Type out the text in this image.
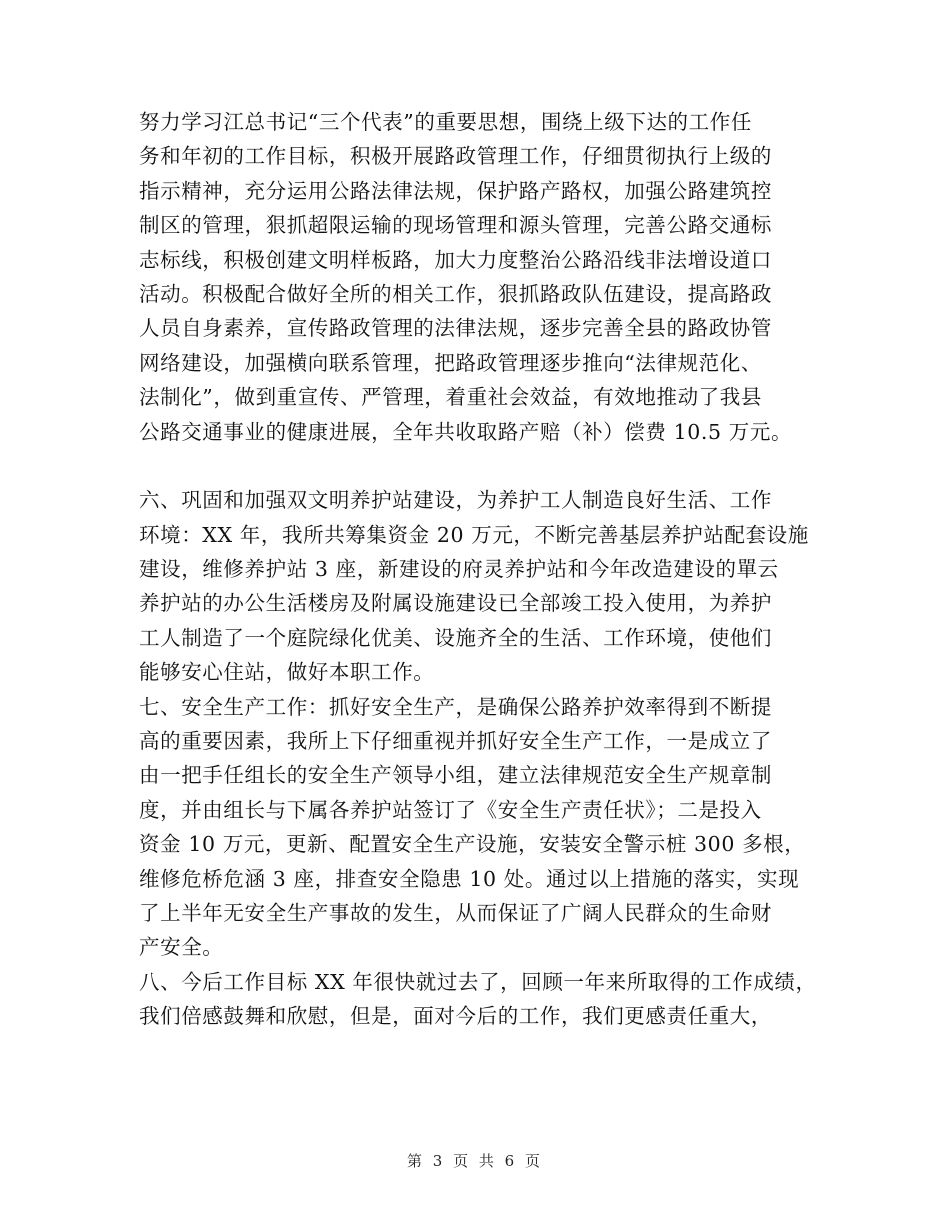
努力学习江总书记“三个代表”的重要思想，围绕上级下达的工作任
务和年初的工作目标，积极开展路政管理工作，仔细贯彻执行上级的
指示精神，充分运用公路法律法规，保护路产路权，加强公路建筑控
制区的管理，狠抓超限运输的现场管理和源头管理，完善公路交通标
志标线，积极创建文明样板路，加大力度整治公路沿线非法增设道口
活动。积极配合做好全所的相关工作，狠抓路政队伍建设，提高路政
人员自身素养，宣传路政管理的法律法规，逐步完善全县的路政协管
网络建设，加强横向联系管理，把路政管理逐步推向“法律规范化、
法制化”，做到重宣传、严管理，着重社会效益，有效地推动了我县
公路交通事业的健康进展，全年共收取路产赔（补）偿费 10.5 万元。
六、巩固和加强双文明养护站建设，为养护工人制造良好生活、工作
环境：XX 年，我所共筹集资金 20 万元，不断完善基层养护站配套设施
建设，维修养护站 3 座，新建设的府灵养护站和今年改造建设的單云
养护站的办公生活楼房及附属设施建设已全部竣工投入使用，为养护
工人制造了一个庭院绿化优美、设施齐全的生活、工作环境，使他们
能够安心住站，做好本职工作。
七、安全生产工作：抓好安全生产，是确保公路养护效率得到不断提
高的重要因素，我所上下仔细重视并抓好安全生产工作，一是成立了
由一把手任组长的安全生产领导小组，建立法律规范安全生产规章制
度，并由组长与下属各养护站签订了《安全生产责任状》；二是投入
资金 10 万元，更新、配置安全生产设施，安装安全警示桩 300 多根，
维修危桥危涵 3 座，排查安全隐患 10 处。通过以上措施的落实，实现
了上半年无安全生产事故的发生，从而保证了广阔人民群众的生命财
产安全。
八、今后工作目标 XX 年很快就过去了，回顾一年来所取得的工作成绩，
我们倍感鼓舞和欣慰，但是，面对今后的工作，我们更感责任重大，
第 3 页 共 6 页
